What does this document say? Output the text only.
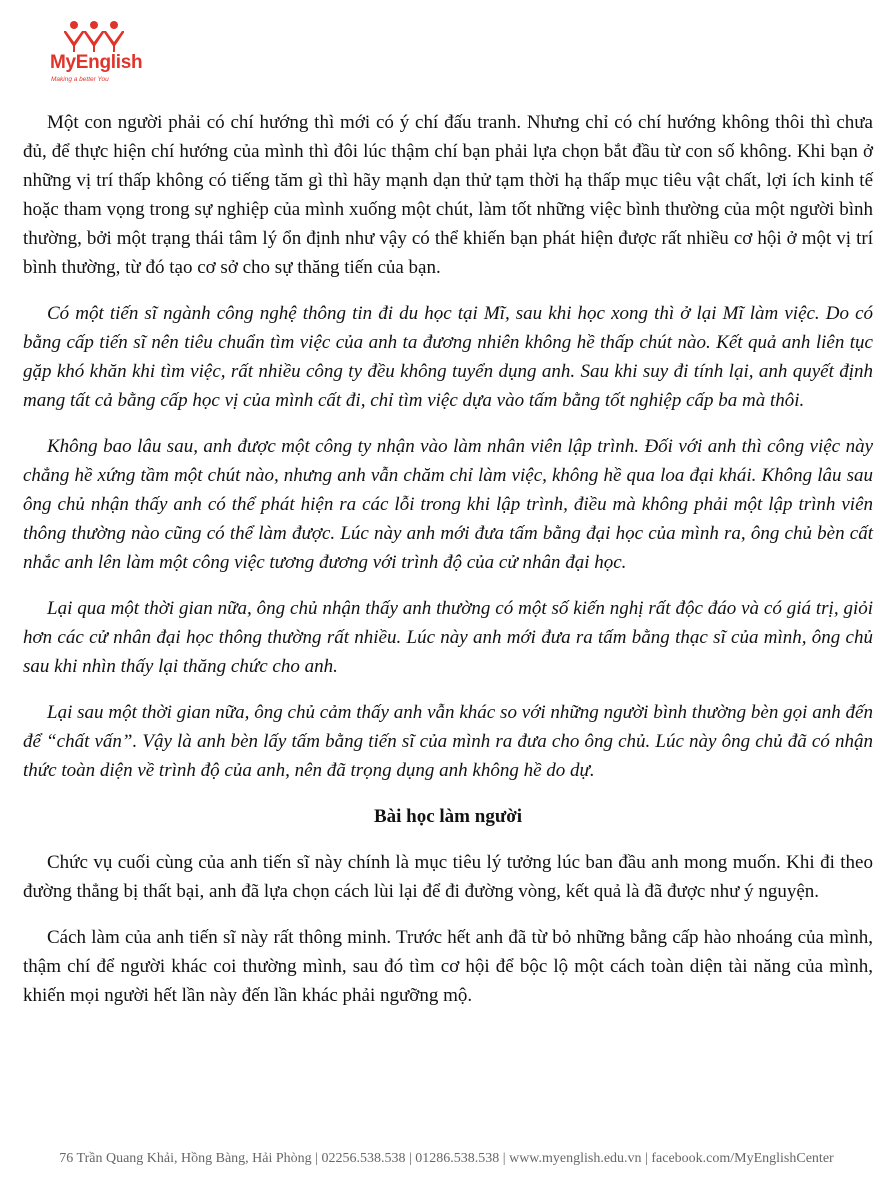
MyEnglish
Making a better You

Một con người phải có chí hướng thì mới có ý chí đấu tranh. Nhưng chỉ có chí hướng không thôi thì chưa đủ, để thực hiện chí hướng của mình thì đôi lúc thậm chí bạn phải lựa chọn bắt đầu từ con số không. Khi bạn ở những vị trí thấp không có tiếng tăm gì thì hãy mạnh dạn thử tạm thời hạ thấp mục tiêu vật chất, lợi ích kinh tế hoặc tham vọng trong sự nghiệp của mình xuống một chút, làm tốt những việc bình thường của một người bình thường, bởi một trạng thái tâm lý ổn định như vậy có thể khiến bạn phát hiện được rất nhiều cơ hội ở một vị trí bình thường, từ đó tạo cơ sở cho sự thăng tiến của bạn.

Có một tiến sĩ ngành công nghệ thông tin đi du học tại Mĩ, sau khi học xong thì ở lại Mĩ làm việc. Do có bằng cấp tiến sĩ nên tiêu chuẩn tìm việc của anh ta đương nhiên không hề thấp chút nào. Kết quả anh liên tục gặp khó khăn khi tìm việc, rất nhiều công ty đều không tuyển dụng anh. Sau khi suy đi tính lại, anh quyết định mang tất cả bằng cấp học vị của mình cất đi, chỉ tìm việc dựa vào tấm bằng tốt nghiệp cấp ba mà thôi.

Không bao lâu sau, anh được một công ty nhận vào làm nhân viên lập trình. Đối với anh thì công việc này chẳng hề xứng tầm một chút nào, nhưng anh vẫn chăm chỉ làm việc, không hề qua loa đại khái. Không lâu sau ông chủ nhận thấy anh có thể phát hiện ra các lỗi trong khi lập trình, điều mà không phải một lập trình viên thông thường nào cũng có thể làm được. Lúc này anh mới đưa tấm bằng đại học của mình ra, ông chủ bèn cất nhắc anh lên làm một công việc tương đương với trình độ của cử nhân đại học.

Lại qua một thời gian nữa, ông chủ nhận thấy anh thường có một số kiến nghị rất độc đáo và có giá trị, giỏi hơn các cử nhân đại học thông thường rất nhiều. Lúc này anh mới đưa ra tấm bằng thạc sĩ của mình, ông chủ sau khi nhìn thấy lại thăng chức cho anh.

Lại sau một thời gian nữa, ông chủ cảm thấy anh vẫn khác so với những người bình thường bèn gọi anh đến để “chất vấn”. Vậy là anh bèn lấy tấm bằng tiến sĩ của mình ra đưa cho ông chủ. Lúc này ông chủ đã có nhận thức toàn diện về trình độ của anh, nên đã trọng dụng anh không hề do dự.

Bài học làm người

Chức vụ cuối cùng của anh tiến sĩ này chính là mục tiêu lý tưởng lúc ban đầu anh mong muốn. Khi đi theo đường thẳng bị thất bại, anh đã lựa chọn cách lùi lại để đi đường vòng, kết quả là đã được như ý nguyện.

Cách làm của anh tiến sĩ này rất thông minh. Trước hết anh đã từ bỏ những bằng cấp hào nhoáng của mình, thậm chí để người khác coi thường mình, sau đó tìm cơ hội để bộc lộ một cách toàn diện tài năng của mình, khiến mọi người hết lần này đến lần khác phải ngưỡng mộ.

76 Trần Quang Khải, Hồng Bàng, Hải Phòng | 02256.538.538 | 01286.538.538 | www.myenglish.edu.vn | facebook.com/MyEnglishCenter
